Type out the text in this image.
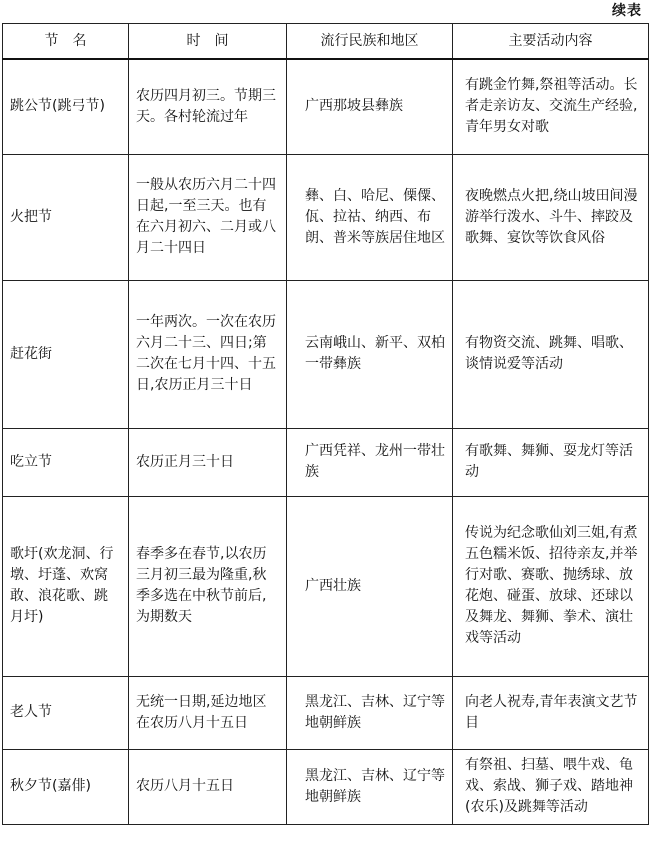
续表
节　名	时　间	流行民族和地区	主要活动内容
跳公节(跳弓节)	农历四月初三。节期三天。各村轮流过年	广西那坡县彝族	有跳金竹舞,祭祖等活动。长者走亲访友、交流生产经验,青年男女对歌
火把节	一般从农历六月二十四日起,一至三天。也有在六月初六、二月或八月二十四日	彝、白、哈尼、傈僳、佤、拉祜、纳西、布朗、普米等族居住地区	夜晚燃点火把,绕山坡田间漫游举行泼水、斗牛、摔跤及歌舞、宴饮等饮食风俗
赶花街	一年两次。一次在农历六月二十三、四日;第二次在七月十四、十五日,农历正月三十日	云南峨山、新平、双柏一带彝族	有物资交流、跳舞、唱歌、谈情说爱等活动
吃立节	农历正月三十日	广西凭祥、龙州一带壮族	有歌舞、舞狮、耍龙灯等活动
歌圩(欢龙洞、行墩、圩蓬、欢窝敢、浪花歌、跳月圩)	春季多在春节,以农历三月初三最为隆重,秋季多选在中秋节前后,为期数天	广西壮族	传说为纪念歌仙刘三姐,有煮五色糯米饭、招待亲友,并举行对歌、赛歌、抛绣球、放花炮、碰蛋、放球、还球以及舞龙、舞狮、拳术、演壮戏等活动
老人节	无统一日期,延边地区在农历八月十五日	黑龙江、吉林、辽宁等地朝鲜族	向老人祝寿,青年表演文艺节目
秋夕节(嘉俳)	农历八月十五日	黑龙江、吉林、辽宁等地朝鲜族	有祭祖、扫墓、喂牛戏、龟戏、索战、狮子戏、踏地神(农乐)及跳舞等活动
